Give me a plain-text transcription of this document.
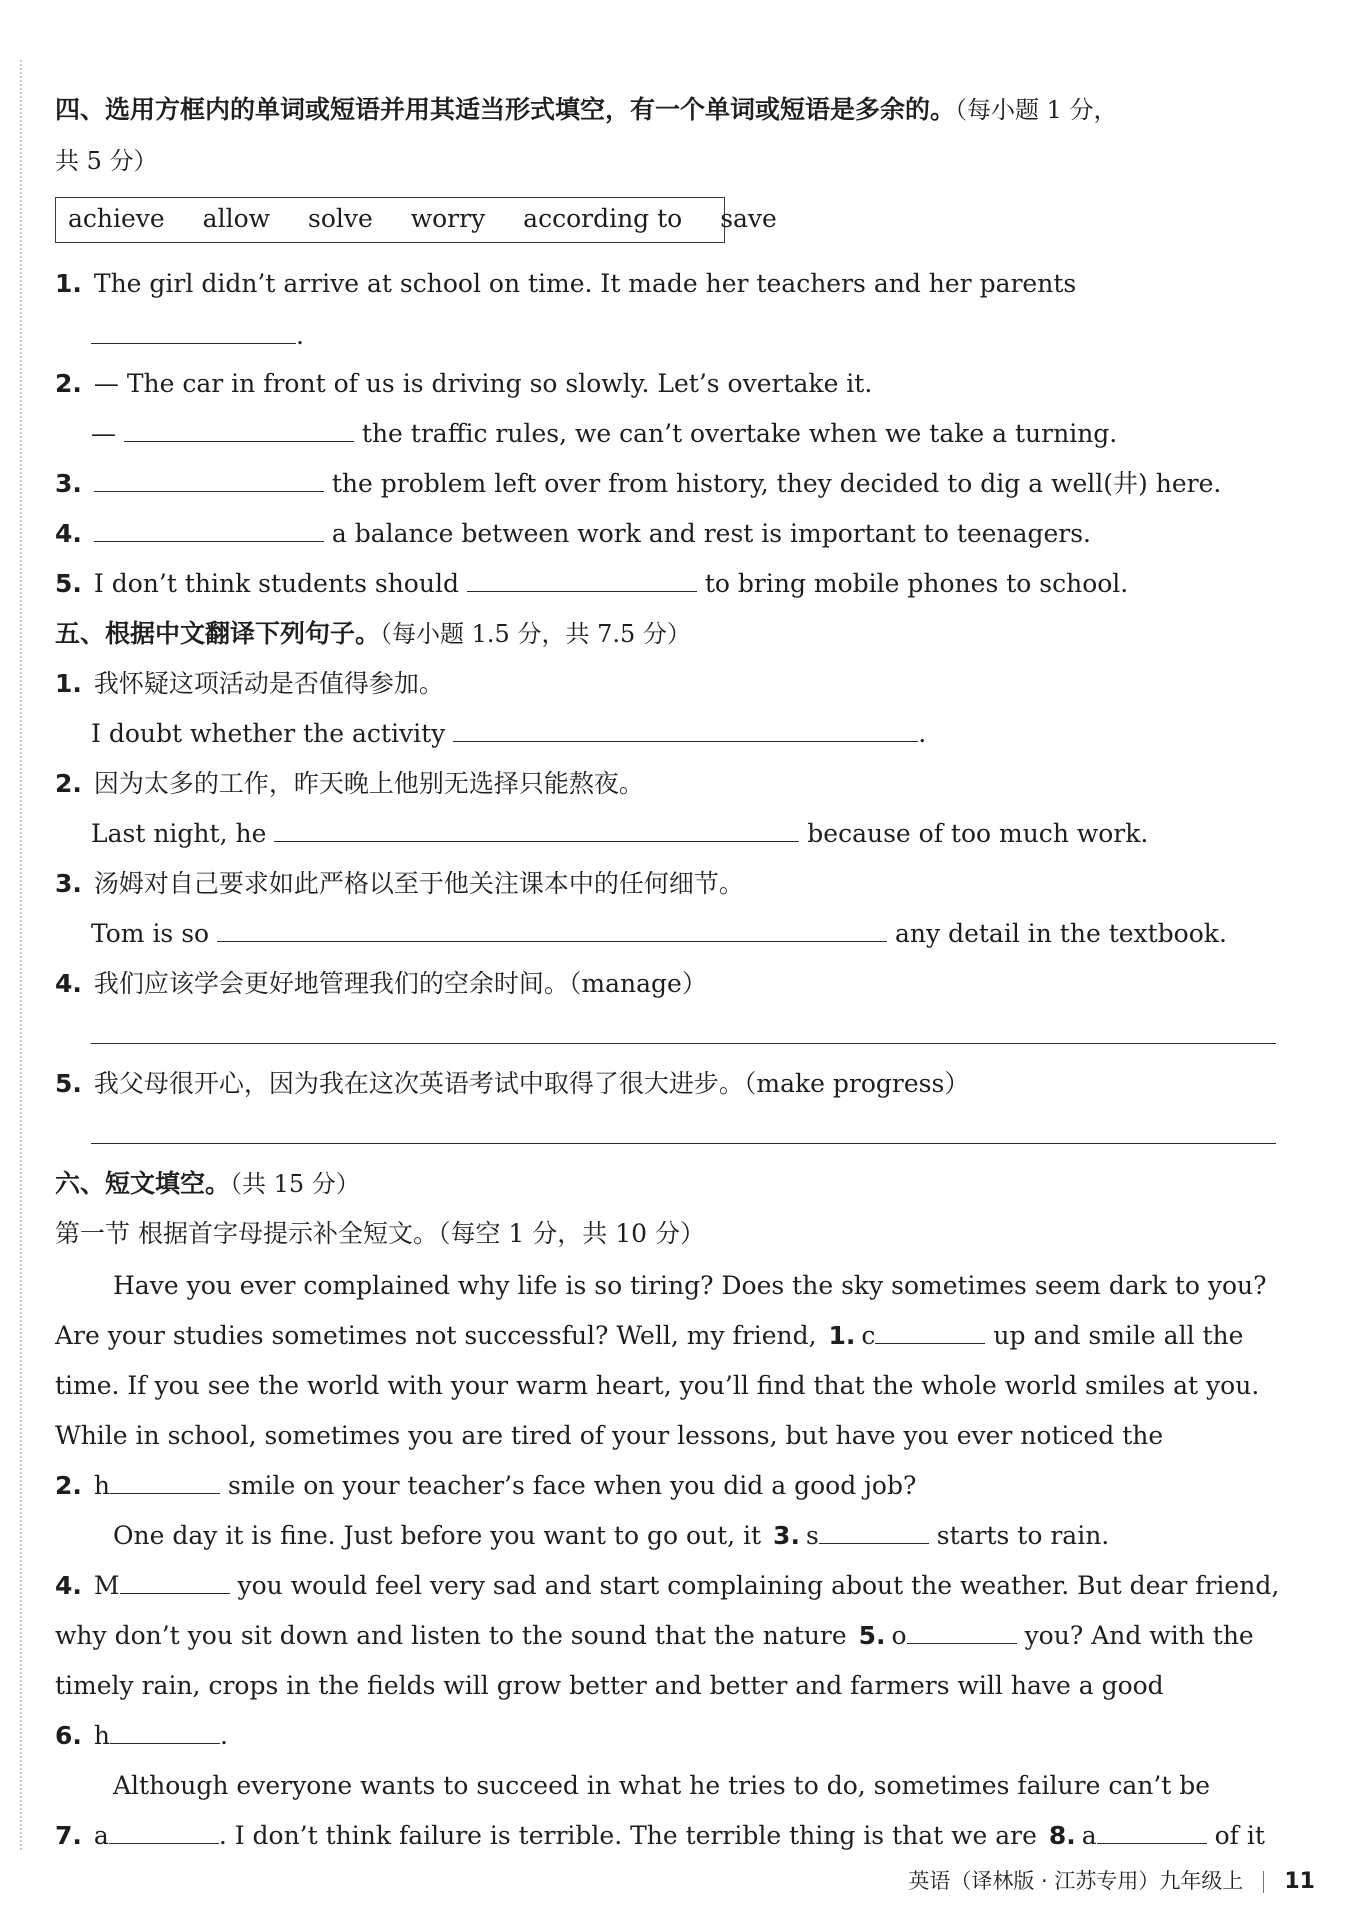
四、选用方框内的单词或短语并用其适当形式填空，有一个单词或短语是多余的。（每小题 1 分，
共 5 分）
achieve allow solve worry according to save
1. The girl didn’t arrive at school on time. It made her teachers and her parents
.
2. — The car in front of us is driving so slowly. Let’s overtake it.
—	the traffic rules, we can’t overtake when we take a turning.
3.	the problem left over from history, they decided to dig a well(井) here.
4.	a balance between work and rest is important to teenagers.
5. I don’t think students should	to bring mobile phones to school.
五、根据中文翻译下列句子。（每小题 1.5 分，共 7.5 分）
1. 我怀疑这项活动是否值得参加。
I doubt whether the activity	.
2. 因为太多的工作，昨天晚上他别无选择只能熬夜。
Last night, he	because of too much work.
3. 汤姆对自己要求如此严格以至于他关注课本中的任何细节。
Tom is so	any detail in the textbook.
4. 我们应该学会更好地管理我们的空余时间。（manage）
5. 我父母很开心，因为我在这次英语考试中取得了很大进步。（make progress）
六、短文填空。（共 15 分）
第一节 根据首字母提示补全短文。（每空 1 分，共 10 分）
Have you ever complained why life is so tiring? Does the sky sometimes seem dark to you?
Are your studies sometimes not successful? Well, my friend, 1. c	up and smile all the
time. If you see the world with your warm heart, you’ll find that the whole world smiles at you.
While in school, sometimes you are tired of your lessons, but have you ever noticed the
2. h	smile on your teacher’s face when you did a good job?
One day it is fine. Just before you want to go out, it 3. s	starts to rain.
4. M	you would feel very sad and start complaining about the weather. But dear friend,
why don’t you sit down and listen to the sound that the nature 5. o	you? And with the
timely rain, crops in the fields will grow better and better and farmers will have a good
6. h	.
Although everyone wants to succeed in what he tries to do, sometimes failure can’t be
7. a	. I don’t think failure is terrible. The terrible thing is that we are 8. a	of it
英语（译林版 · 江苏专用）九年级上 11
